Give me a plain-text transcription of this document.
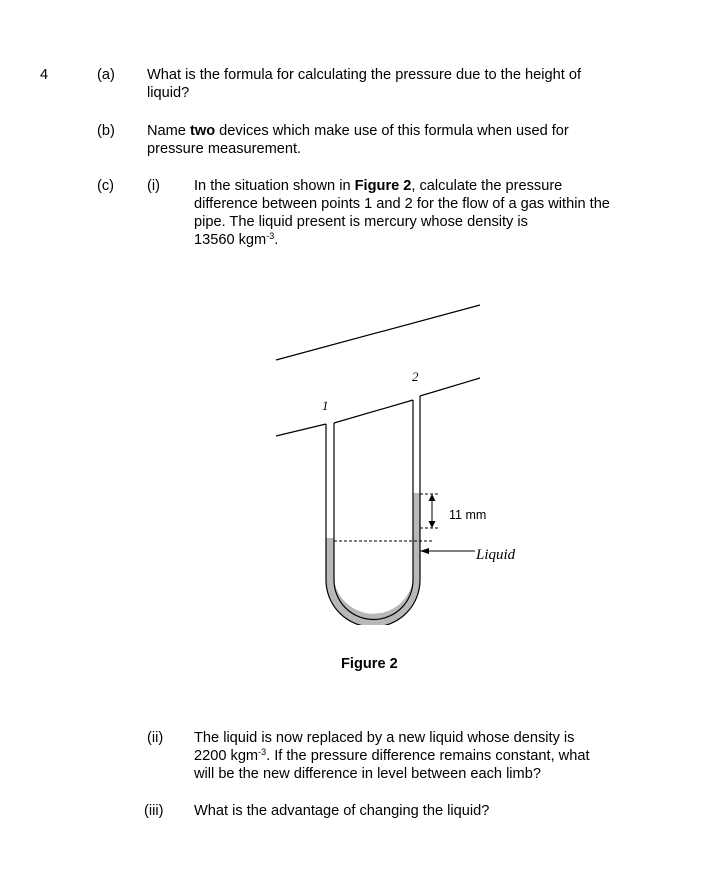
4	(a) What is the formula for calculating the pressure due to the height of
liquid?
(b) Name two devices which make use of this formula when used for
pressure measurement.
(c) (i) In the situation shown in Figure 2, calculate the pressure
difference between points 1 and 2 for the flow of a gas within the
pipe. The liquid present is mercury whose density is
13560 kgm$^{-3}$.
1
2
11 mm
Liquid
Figure 2
(ii) The liquid is now replaced by a new liquid whose density is
2200 kgm$^{-3}$. If the pressure difference remains constant, what
will be the new difference in level between each limb?
(iii) What is the advantage of changing the liquid?
